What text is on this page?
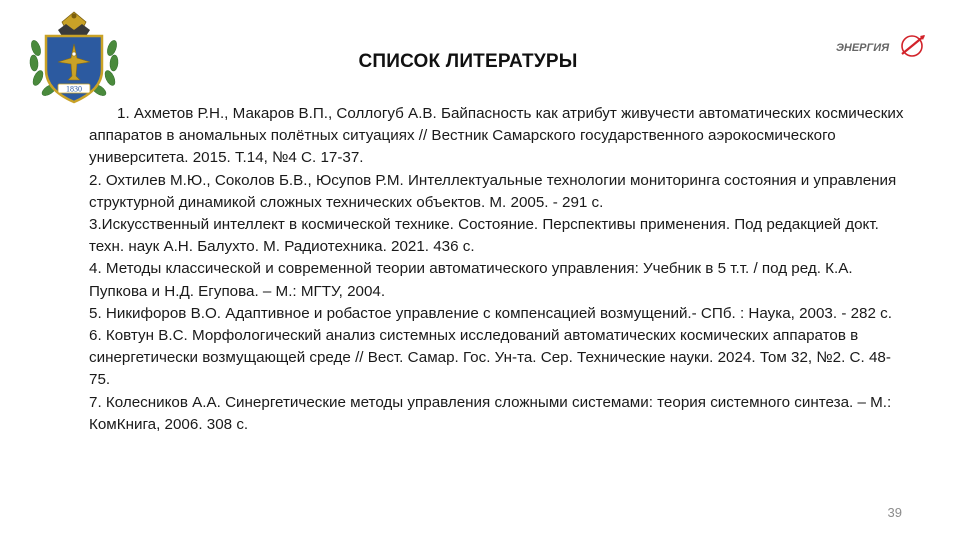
1830
ЭНЕРГИЯ
СПИСОК ЛИТЕРАТУРЫ

1. Ахметов Р.Н., Макаров В.П., Соллогуб А.В. Байпасность как атрибут живучести автоматических космических аппаратов в аномальных полётных ситуациях // Вестник Самарского государственного аэрокосмического университета. 2015. Т.14, №4 С. 17-37.

2. Охтилев М.Ю., Соколов Б.В., Юсупов Р.М. Интеллектуальные технологии мониторинга состояния и управления структурной динамикой сложных технических объектов. М. 2005. - 291 с.

3.Искусственный интеллект в космической технике. Состояние. Перспективы применения. Под редакцией докт. техн. наук А.Н. Балухто. М. Радиотехника. 2021. 436 с.

4. Методы классической и современной теории автоматического управления: Учебник в 5 т.т. / под ред. К.А. Пупкова и Н.Д. Егупова. – М.: МГТУ, 2004.

5. Никифоров В.О. Адаптивное и робастое управление с компенсацией возмущений.- СПб. : Наука, 2003. - 282 с.

6. Ковтун В.С. Морфологический анализ системных исследований автоматических космических аппаратов в синергетически возмущающей среде // Вест. Самар. Гос. Ун-та. Сер. Технические науки. 2024. Том 32, №2. С. 48-75.

7. Колесников А.А. Синергетические методы управления сложными системами: теория системного синтеза. – М.: КомКнига, 2006. 308 с.

39
